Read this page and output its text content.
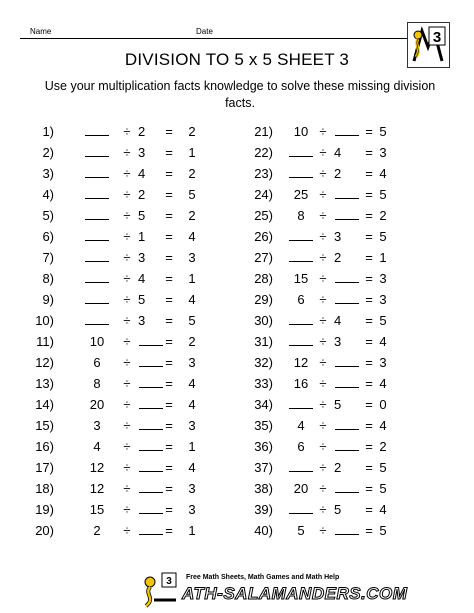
Name	Date	3
DIVISION TO 5 x 5 SHEET 3
Use your multiplication facts knowledge to solve these missing division facts.
1)	÷ 2	= 2
2)	÷ 3	= 1
3)	÷ 4	= 2
4)	÷ 2	= 5
5)	÷ 5	= 2
6)	÷ 1	= 4
7)	÷ 3	= 3
8)	÷ 4	= 1
9)	÷ 5	= 4
10)	÷ 3	= 5
11)	10	÷	= 2
12)	6	÷	= 3
13)	8	÷	= 4
14)	20	÷	= 4
15)	3	÷	= 3
16)	4	÷	= 1
17)	12	÷	= 4
18)	12	÷	= 3
19)	15	÷	= 3
20)	2	÷	= 1
21)	10 ÷	= 5
22)	÷ 4	= 3
23)	÷ 2	= 4
24)	25 ÷	= 5
25)	8	÷	= 2
26)	÷ 3	= 5
27)	÷ 2	= 1
28)	15 ÷	= 3
29)	6	÷	= 3
30)	÷ 4	= 5
31)	÷ 3	= 4
32)	12 ÷	= 3
33)	16 ÷	= 4
34)	÷ 5	= 0
35)	4	÷	= 4
36)	6	÷	= 2
37)	÷ 2	= 5
38)	20 ÷	= 5
39)	÷ 5	= 4
40)	5	÷	= 5
3 Free Math Sheets, Math Games and Math Help
ATH-SALAMANDERS.COM
